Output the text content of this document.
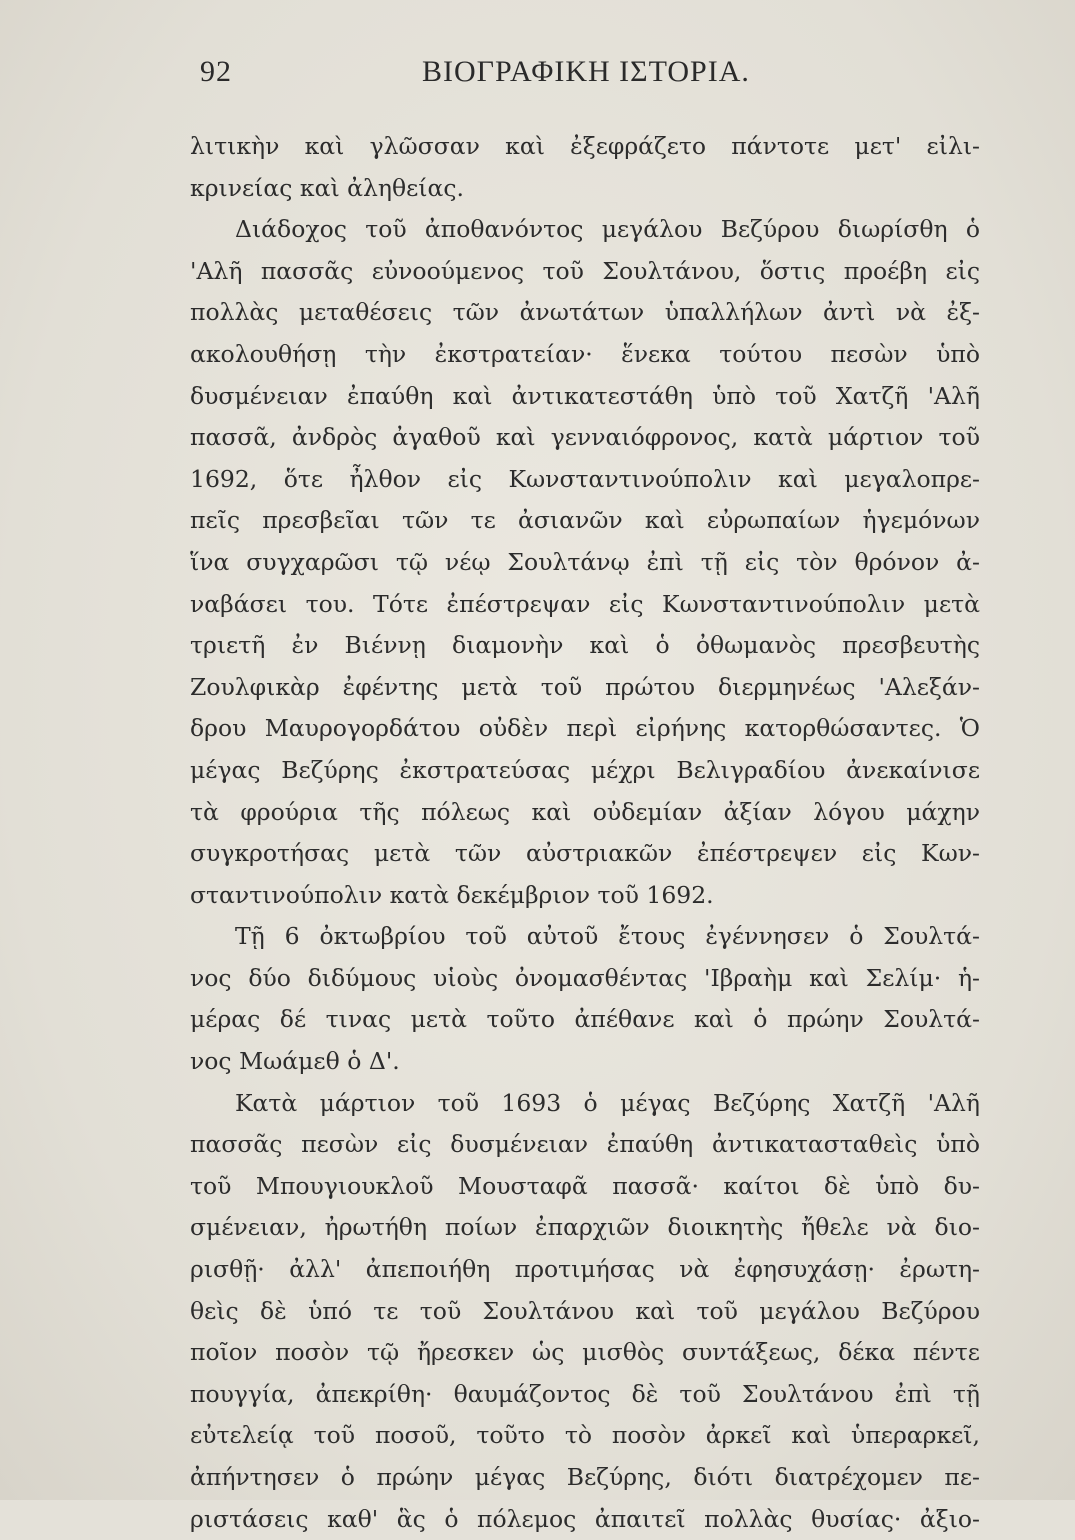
92	ΒΙΟΓΡΑΦΙΚΗ ΙΣΤΟΡΙΑ.
λιτικὴν καὶ γλῶσσαν καὶ ἐξεφράζετο πάντοτε μετ' εἰλι-
κρινείας καὶ ἀληθείας.
Διάδοχος τοῦ ἀποθανόντος μεγάλου Βεζύρου διωρίσθη ὁ
'Αλῆ πασσᾶς εὐνοούμενος τοῦ Σουλτάνου, ὅστις προέβη εἰς
πολλὰς μεταθέσεις τῶν ἀνωτάτων ὑπαλλήλων ἀντὶ νὰ ἐξ-
ακολουθήσῃ τὴν ἐκστρατείαν· ἕνεκα τούτου πεσὼν ὑπὸ
δυσμένειαν ἐπαύθη καὶ ἀντικατεστάθη ὑπὸ τοῦ Χατζῆ 'Αλῆ
πασσᾶ, ἀνδρὸς ἀγαθοῦ καὶ γενναιόφρονος, κατὰ μάρτιον τοῦ
1692, ὅτε ἦλθον εἰς Κωνσταντινούπολιν καὶ μεγαλοπρε-
πεῖς πρεσβεῖαι τῶν τε ἀσιανῶν καὶ εὐρωπαίων ἡγεμόνων
ἵνα συγχαρῶσι τῷ νέῳ Σουλτάνῳ ἐπὶ τῇ εἰς τὸν θρόνον ἀ-
ναβάσει του. Τότε ἐπέστρεψαν εἰς Κωνσταντινούπολιν μετὰ
τριετῆ ἐν Βιέννῃ διαμονὴν καὶ ὁ ὀθωμανὸς πρεσβευτὴς
Ζουλφικὰρ ἐφέντης μετὰ τοῦ πρώτου διερμηνέως 'Αλεξάν-
δρου Μαυρογορδάτου οὐδὲν περὶ εἰρήνης κατορθώσαντες. Ὁ
μέγας Βεζύρης ἐκστρατεύσας μέχρι Βελιγραδίου ἀνεκαίνισε
τὰ φρούρια τῆς πόλεως καὶ οὐδεμίαν ἀξίαν λόγου μάχην
συγκροτήσας μετὰ τῶν αὐστριακῶν ἐπέστρεψεν εἰς Κων-
σταντινούπολιν κατὰ δεκέμβριον τοῦ 1692.
Τῇ 6 ὀκτωβρίου τοῦ αὐτοῦ ἔτους ἐγέννησεν ὁ Σουλτά-
νος δύο διδύμους υἱοὺς ὀνομασθέντας 'Ιβραὴμ καὶ Σελίμ· ἡ-
μέρας δέ τινας μετὰ τοῦτο ἀπέθανε καὶ ὁ πρώην Σουλτά-
νος Μωάμεθ ὁ Δ'.
Κατὰ μάρτιον τοῦ 1693 ὁ μέγας Βεζύρης Χατζῆ 'Αλῆ
πασσᾶς πεσὼν εἰς δυσμένειαν ἐπαύθη ἀντικατασταθεὶς ὑπὸ
τοῦ Μπουγιουκλοῦ Μουσταφᾶ πασσᾶ· καίτοι δὲ ὑπὸ δυ-
σμένειαν, ἠρωτήθη ποίων ἐπαρχιῶν διοικητὴς ἤθελε νὰ διο-
ρισθῇ· ἀλλ' ἀπεποιήθη προτιμήσας νὰ ἐφησυχάσῃ· ἐρωτη-
θεὶς δὲ ὑπό τε τοῦ Σουλτάνου καὶ τοῦ μεγάλου Βεζύρου
ποῖον ποσὸν τῷ ἤρεσκεν ὡς μισθὸς συντάξεως, δέκα πέντε
πουγγία, ἀπεκρίθη· θαυμάζοντος δὲ τοῦ Σουλτάνου ἐπὶ τῇ
εὐτελείᾳ τοῦ ποσοῦ, τοῦτο τὸ ποσὸν ἀρκεῖ καὶ ὑπεραρκεῖ,
ἀπήντησεν ὁ πρώην μέγας Βεζύρης, διότι διατρέχομεν πε-
ριστάσεις καθ' ἃς ὁ πόλεμος ἀπαιτεῖ πολλὰς θυσίας· ἀξιο-
